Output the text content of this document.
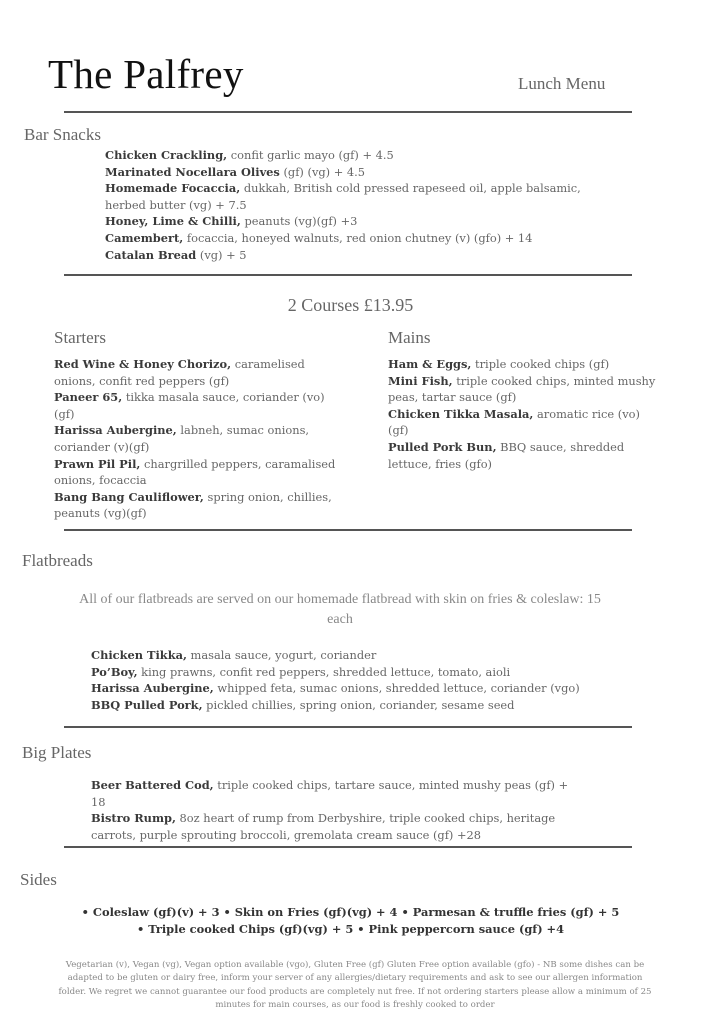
The Palfrey	Lunch Menu
Bar Snacks

Chicken Crackling, confit garlic mayo (gf) + 4.5

Marinated Nocellara Olives (gf) (vg) + 4.5

Homemade Focaccia, dukkah, British cold pressed rapeseed oil, apple balsamic, herbed butter (vg) + 7.5

Honey, Lime & Chilli, peanuts (vg)(gf) +3

Camembert, focaccia, honeyed walnuts, red onion chutney (v) (gfo) + 14

Catalan Bread (vg) + 5

2 Courses £13.95
Starters

Red Wine & Honey Chorizo, caramelised onions, confit red peppers (gf)

Paneer 65, tikka masala sauce, coriander (vo)(gf)

Harissa Aubergine, labneh, sumac onions, coriander (v)(gf)

Prawn Pil Pil, chargrilled peppers, caramalised onions, focaccia

Bang Bang Cauliflower, spring onion, chillies, peanuts (vg)(gf)

Mains

Ham & Eggs, triple cooked chips (gf)

Mini Fish, triple cooked chips, minted mushy peas, tartar sauce (gf)

Chicken Tikka Masala, aromatic rice (vo)(gf)

Pulled Pork Bun, BBQ sauce, shredded lettuce, fries (gfo)

Flatbreads
All of our flatbreads are served on our homemade flatbread with skin on fries & coleslaw: 15 each

Chicken Tikka, masala sauce, yogurt, coriander

Po’Boy, king prawns, confit red peppers, shredded lettuce, tomato, aioli

Harissa Aubergine, whipped feta, sumac onions, shredded lettuce, coriander (vgo)

BBQ Pulled Pork, pickled chillies, spring onion, coriander, sesame seed

Big Plates

Beer Battered Cod, triple cooked chips, tartare sauce, minted mushy peas (gf) + 18

Bistro Rump, 8oz heart of rump from Derbyshire, triple cooked chips, heritage carrots, purple sprouting broccoli, gremolata cream sauce (gf) +28

Sides
• Coleslaw (gf)(v) + 3 • Skin on Fries (gf)(vg) + 4 • Parmesan & truffle fries (gf) + 5
• Triple cooked Chips (gf)(vg) + 5 • Pink peppercorn sauce (gf) +4
Vegetarian (v), Vegan (vg), Vegan option available (vgo), Gluten Free (gf) Gluten Free option available (gfo) - NB some dishes can be adapted to be gluten or dairy free, inform your server of any allergies/dietary requirements and ask to see our allergen information folder. We regret we cannot guarantee our food products are completely nut free. If not ordering starters please allow a minimum of 25 minutes for main courses, as our food is freshly cooked to order
